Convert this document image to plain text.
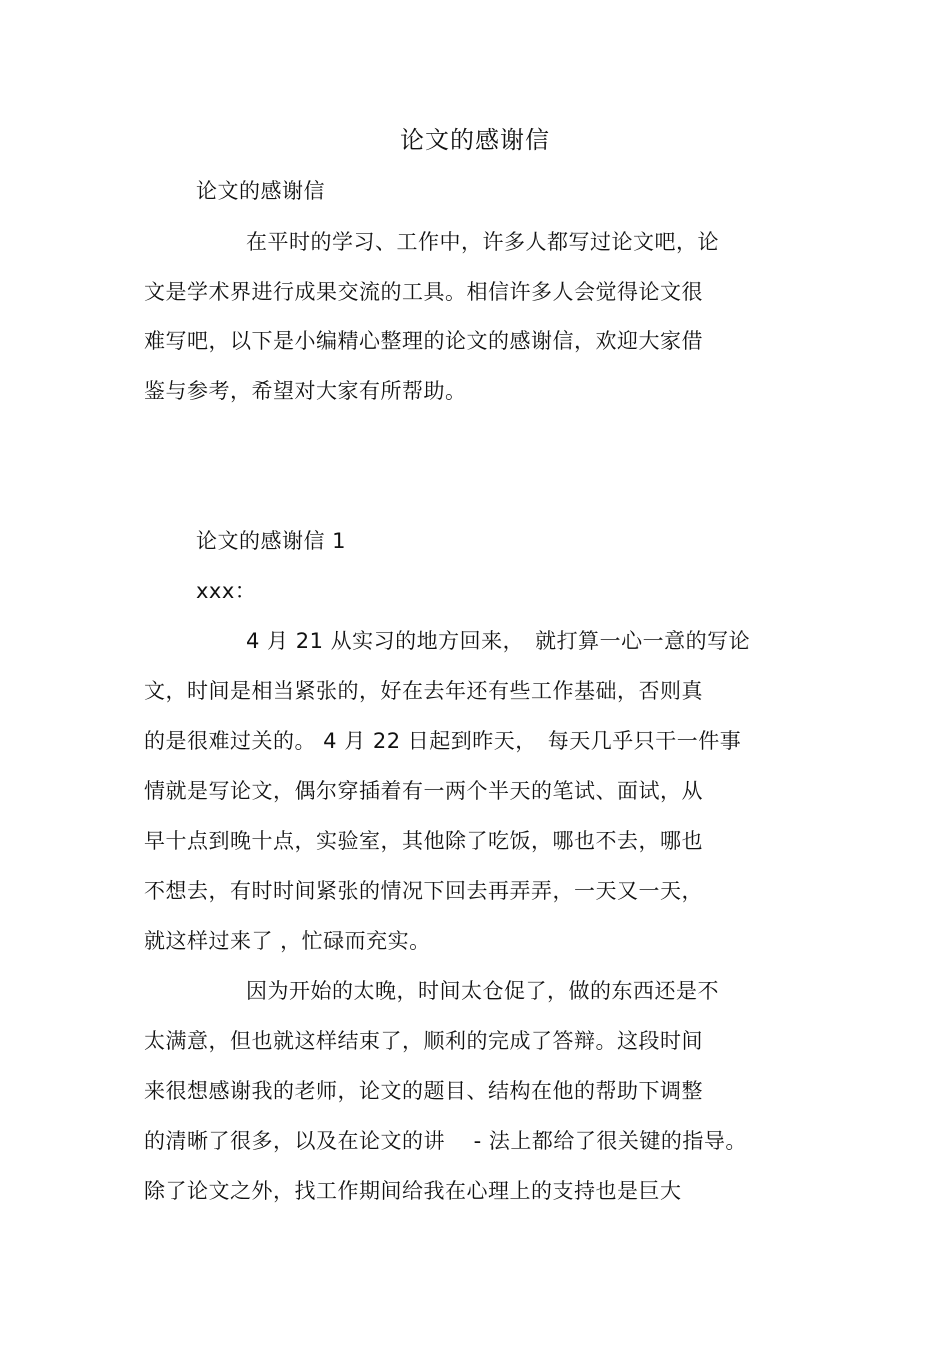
论文的感谢信
论文的感谢信
在平时的学习、工作中，许多人都写过论文吧，论
文是学术界进行成果交流的工具。相信许多人会觉得论文很
难写吧，以下是小编精心整理的论文的感谢信，欢迎大家借
鉴与参考，希望对大家有所帮助。
论文的感谢信 1
xxx：
4 月 21 从实习的地方回来，　就打算一心一意的写论
文，时间是相当紧张的，好在去年还有些工作基础，否则真
的是很难过关的。 4 月 22 日起到昨天，　每天几乎只干一件事
情就是写论文，偶尔穿插着有一两个半天的笔试、面试，从
早十点到晚十点，实验室，其他除了吃饭，哪也不去，哪也
不想去，有时时间紧张的情况下回去再弄弄，一天又一天，
就这样过来了 ，忙碌而充实。
因为开始的太晚，时间太仓促了，做的东西还是不
太满意，但也就这样结束了，顺利的完成了答辩。这段时间
来很想感谢我的老师，论文的题目、结构在他的帮助下调整
的清晰了很多，以及在论文的讲　 - 法上都给了很关键的指导。
除了论文之外，找工作期间给我在心理上的支持也是巨大
